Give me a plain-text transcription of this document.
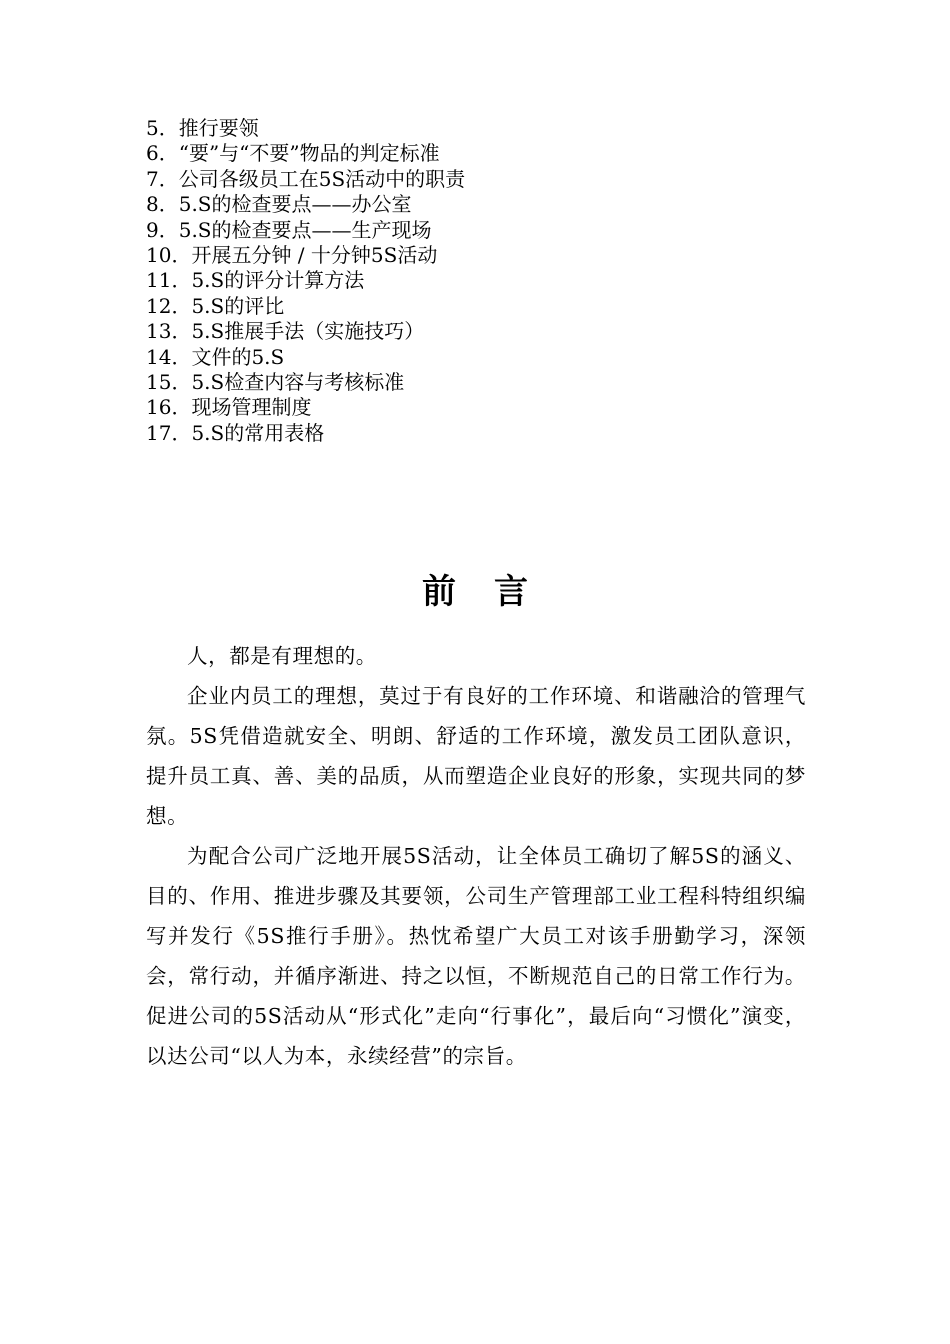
5．推行要领
6．“要”与“不要”物品的判定标准
7．公司各级员工在5S活动中的职责
8．5.S的检查要点——办公室
9．5.S的检查要点——生产现场
10．开展五分钟 / 十分钟5S活动
11．5.S的评分计算方法
12．5.S的评比
13．5.S推展手法（实施技巧）
14．文件的5.S
15．5.S检查内容与考核标准
16．现场管理制度
17．5.S的常用表格
前言

人，都是有理想的。

企业内员工的理想，莫过于有良好的工作环境、和谐融洽的管理气氛。5S凭借造就安全、明朗、舒适的工作环境，激发员工团队意识，提升员工真、善、美的品质，从而塑造企业良好的形象，实现共同的梦想。

为配合公司广泛地开展5S活动，让全体员工确切了解5S的涵义、目的、作用、推进步骤及其要领，公司生产管理部工业工程科特组织编写并发行《5S推行手册》。热忱希望广大员工对该手册勤学习，深领会，常行动，并循序渐进、持之以恒，不断规范自己的日常工作行为。促进公司的5S活动从“形式化”走向“行事化”，最后向“习惯化”演变，以达公司“以人为本，永续经营”的宗旨。
